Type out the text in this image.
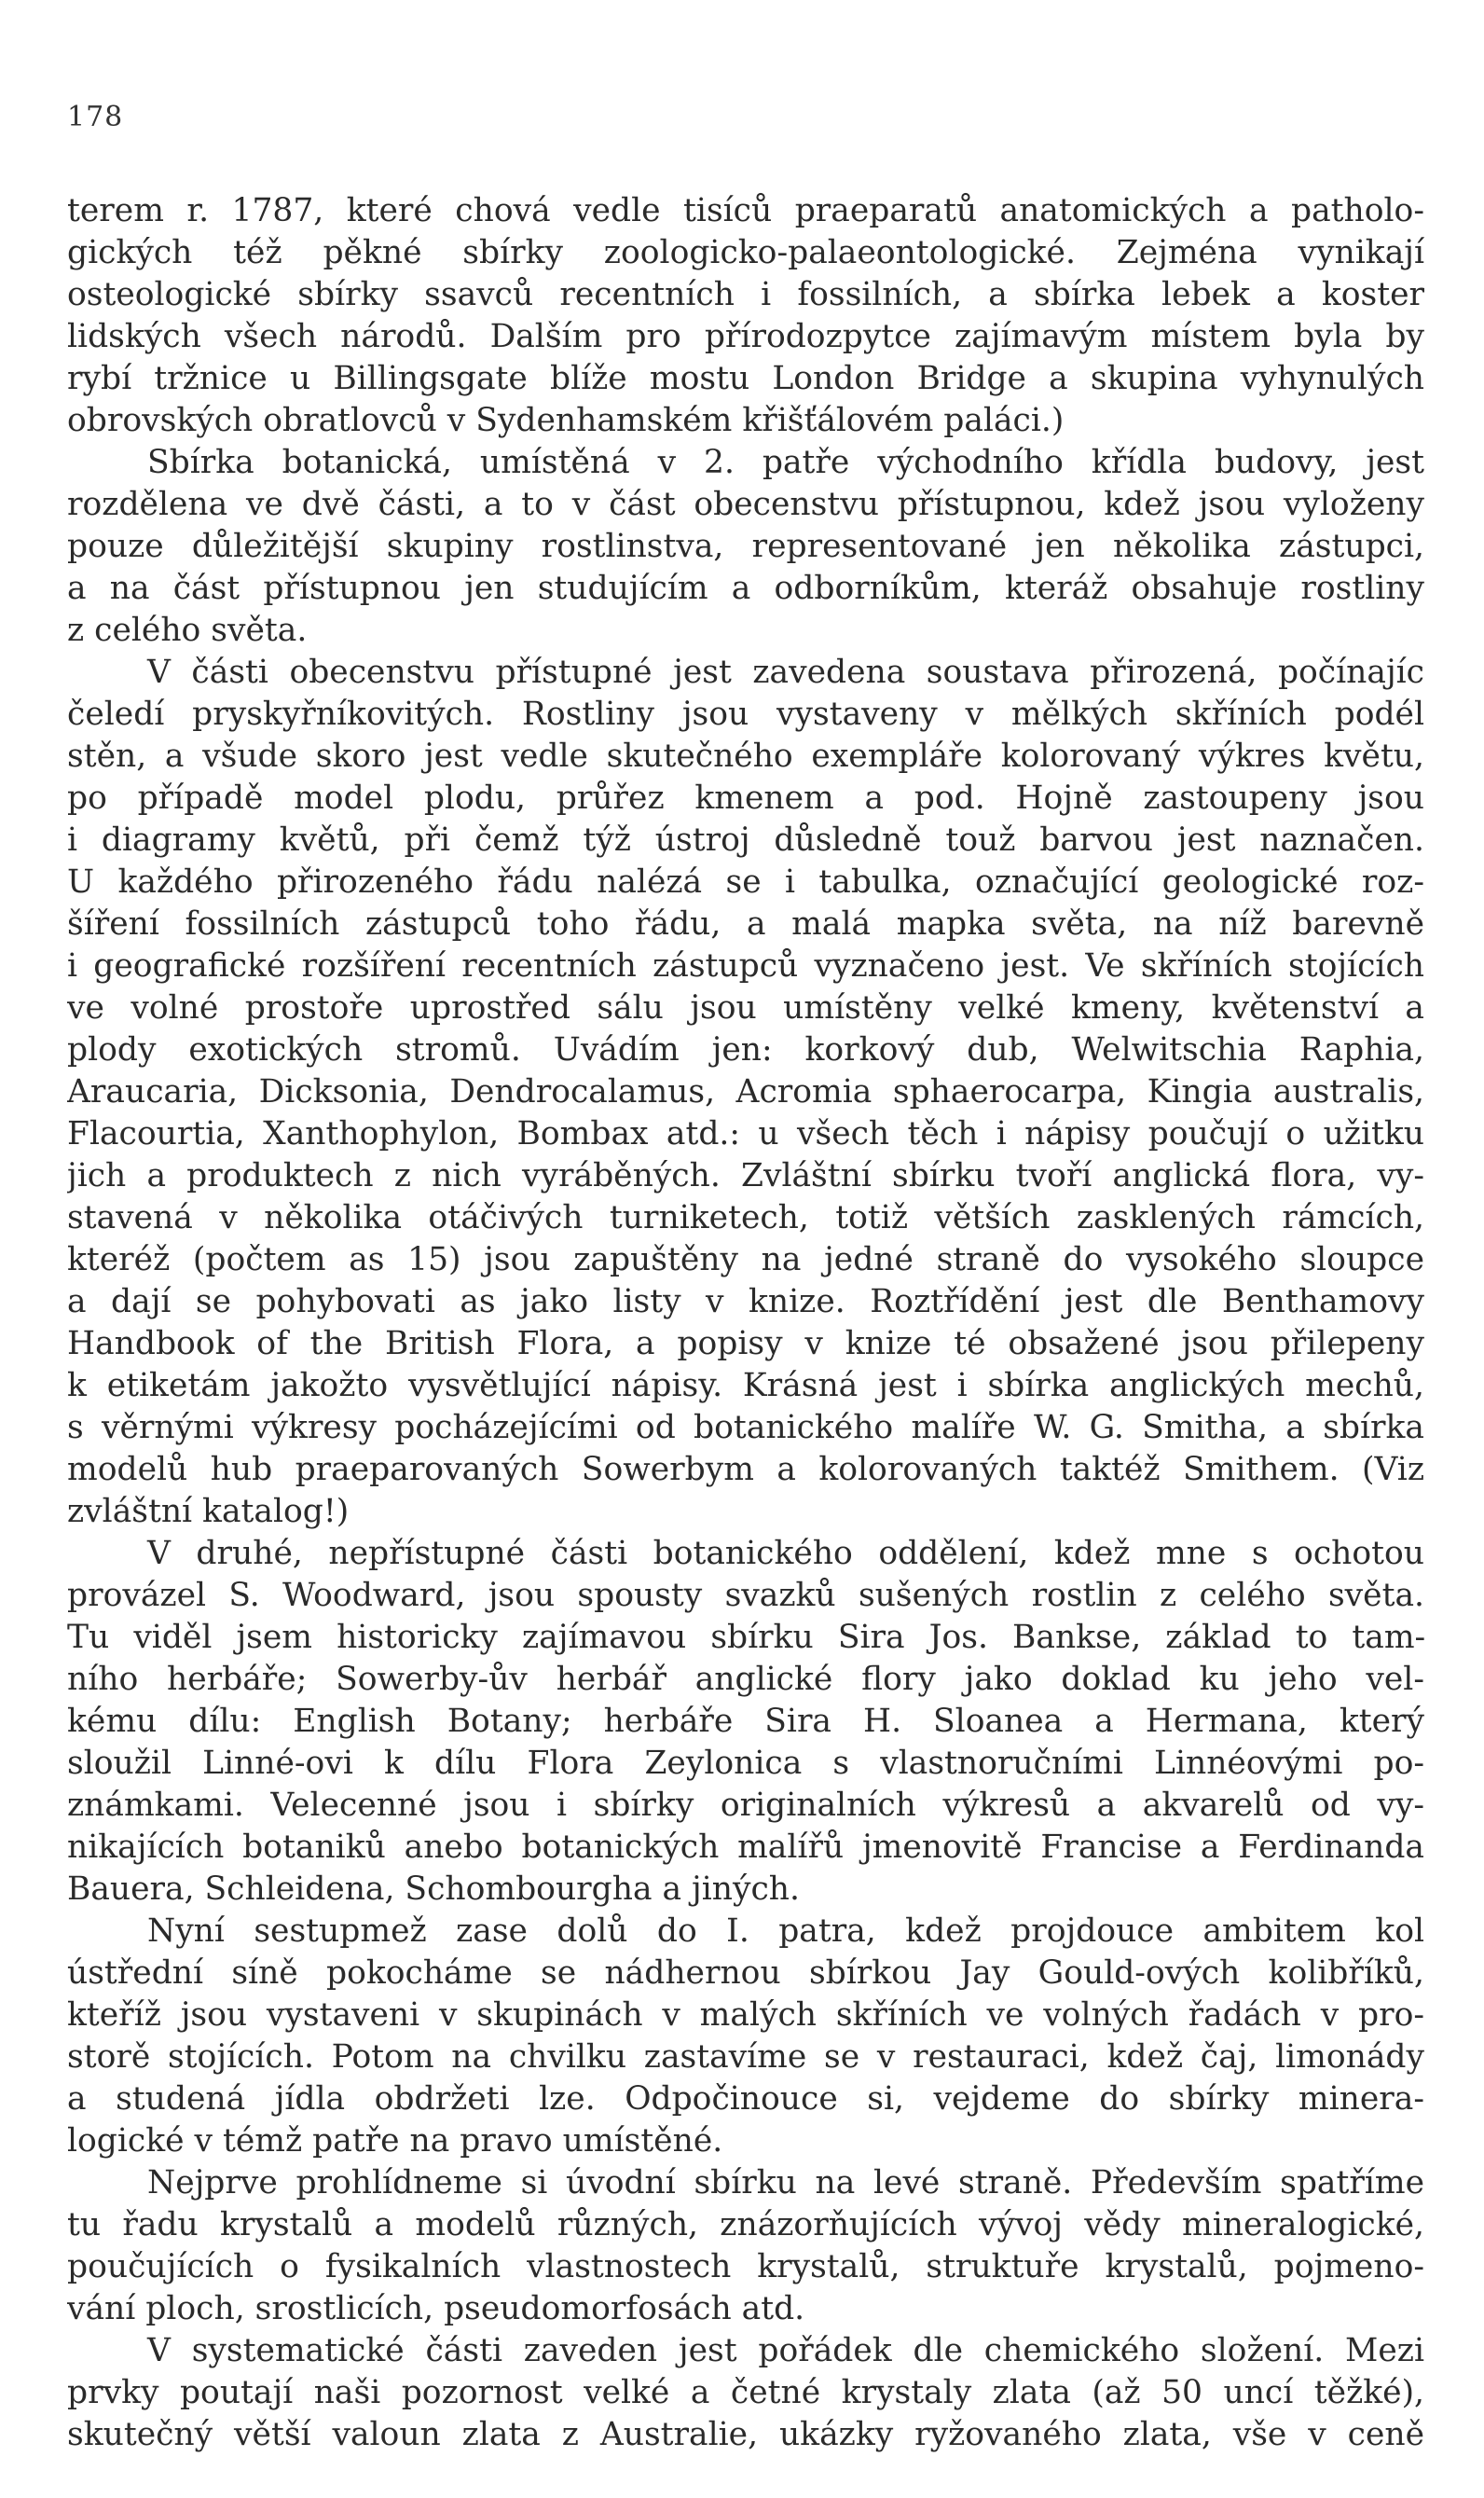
178
terem r. 1787, které chová vedle tisíců praeparatů anatomických a patholo-
gických též pěkné sbírky zoologicko-palaeontologické. Zejména vynikají
osteologické sbírky ssavců recentních i fossilních, a sbírka lebek a koster
lidských všech národů. Dalším pro přírodozpytce zajímavým místem byla by
rybí tržnice u Billingsgate blíže mostu London Bridge a skupina vyhynulých
obrovských obratlovců v Sydenhamském křišťálovém paláci.)
Sbírka botanická, umístěná v 2. patře východního křídla budovy, jest
rozdělena ve dvě části, a to v část obecenstvu přístupnou, kdež jsou vyloženy
pouze důležitější skupiny rostlinstva, representované jen několika zástupci,
a na část přístupnou jen studujícím a odborníkům, kteráž obsahuje rostliny
z celého světa.
V části obecenstvu přístupné jest zavedena soustava přirozená, počínajíc
čeledí pryskyřníkovitých. Rostliny jsou vystaveny v mělkých skříních podél
stěn, a všude skoro jest vedle skutečného exempláře kolorovaný výkres květu,
po případě model plodu, průřez kmenem a pod. Hojně zastoupeny jsou
i diagramy květů, při čemž týž ústroj důsledně touž barvou jest naznačen.
U každého přirozeného řádu nalézá se i tabulka, označující geologické roz-
šíření fossilních zástupců toho řádu, a malá mapka světa, na níž barevně
i geografické rozšíření recentních zástupců vyznačeno jest. Ve skříních stojících
ve volné prostoře uprostřed sálu jsou umístěny velké kmeny, květenství a
plody exotických stromů. Uvádím jen: korkový dub, Welwitschia Raphia,
Araucaria, Dicksonia, Dendrocalamus, Acromia sphaerocarpa, Kingia australis,
Flacourtia, Xanthophylon, Bombax atd.: u všech těch i nápisy poučují o užitku
jich a produktech z nich vyráběných. Zvláštní sbírku tvoří anglická flora, vy-
stavená v několika otáčivých turniketech, totiž větších zasklených rámcích,
kteréž (počtem as 15) jsou zapuštěny na jedné straně do vysokého sloupce
a dají se pohybovati as jako listy v knize. Roztřídění jest dle Benthamovy
Handbook of the British Flora, a popisy v knize té obsažené jsou přilepeny
k etiketám jakožto vysvětlující nápisy. Krásná jest i sbírka anglických mechů,
s věrnými výkresy pocházejícími od botanického malíře W. G. Smitha, a sbírka
modelů hub praeparovaných Sowerbym a kolorovaných taktéž Smithem. (Viz
zvláštní katalog!)
V druhé, nepřístupné části botanického oddělení, kdež mne s ochotou
provázel S. Woodward, jsou spousty svazků sušených rostlin z celého světa.
Tu viděl jsem historicky zajímavou sbírku Sira Jos. Bankse, základ to tam-
ního herbáře; Sowerby-ův herbář anglické flory jako doklad ku jeho vel-
kému dílu: English Botany; herbáře Sira H. Sloanea a Hermana, který
sloužil Linné-ovi k dílu Flora Zeylonica s vlastnoručními Linnéovými po-
známkami. Velecenné jsou i sbírky originalních výkresů a akvarelů od vy-
nikajících botaniků anebo botanických malířů jmenovitě Francise a Ferdinanda
Bauera, Schleidena, Schombourgha a jiných.
Nyní sestupmež zase dolů do I. patra, kdež projdouce ambitem kol
ústřední síně pokocháme se nádhernou sbírkou Jay Gould-ových kolibříků,
kteříž jsou vystaveni v skupinách v malých skříních ve volných řadách v pro-
storě stojících. Potom na chvilku zastavíme se v restauraci, kdež čaj, limonády
a studená jídla obdržeti lze. Odpočinouce si, vejdeme do sbírky minera-
logické v témž patře na pravo umístěné.
Nejprve prohlídneme si úvodní sbírku na levé straně. Především spatříme
tu řadu krystalů a modelů různých, znázorňujících vývoj vědy mineralogické,
poučujících o fysikalních vlastnostech krystalů, struktuře krystalů, pojmeno-
vání ploch, srostlicích, pseudomorfosách atd.
V systematické části zaveden jest pořádek dle chemického složení. Mezi
prvky poutají naši pozornost velké a četné krystaly zlata (až 50 uncí těžké),
skutečný větší valoun zlata z Australie, ukázky ryžovaného zlata, vše v ceně
